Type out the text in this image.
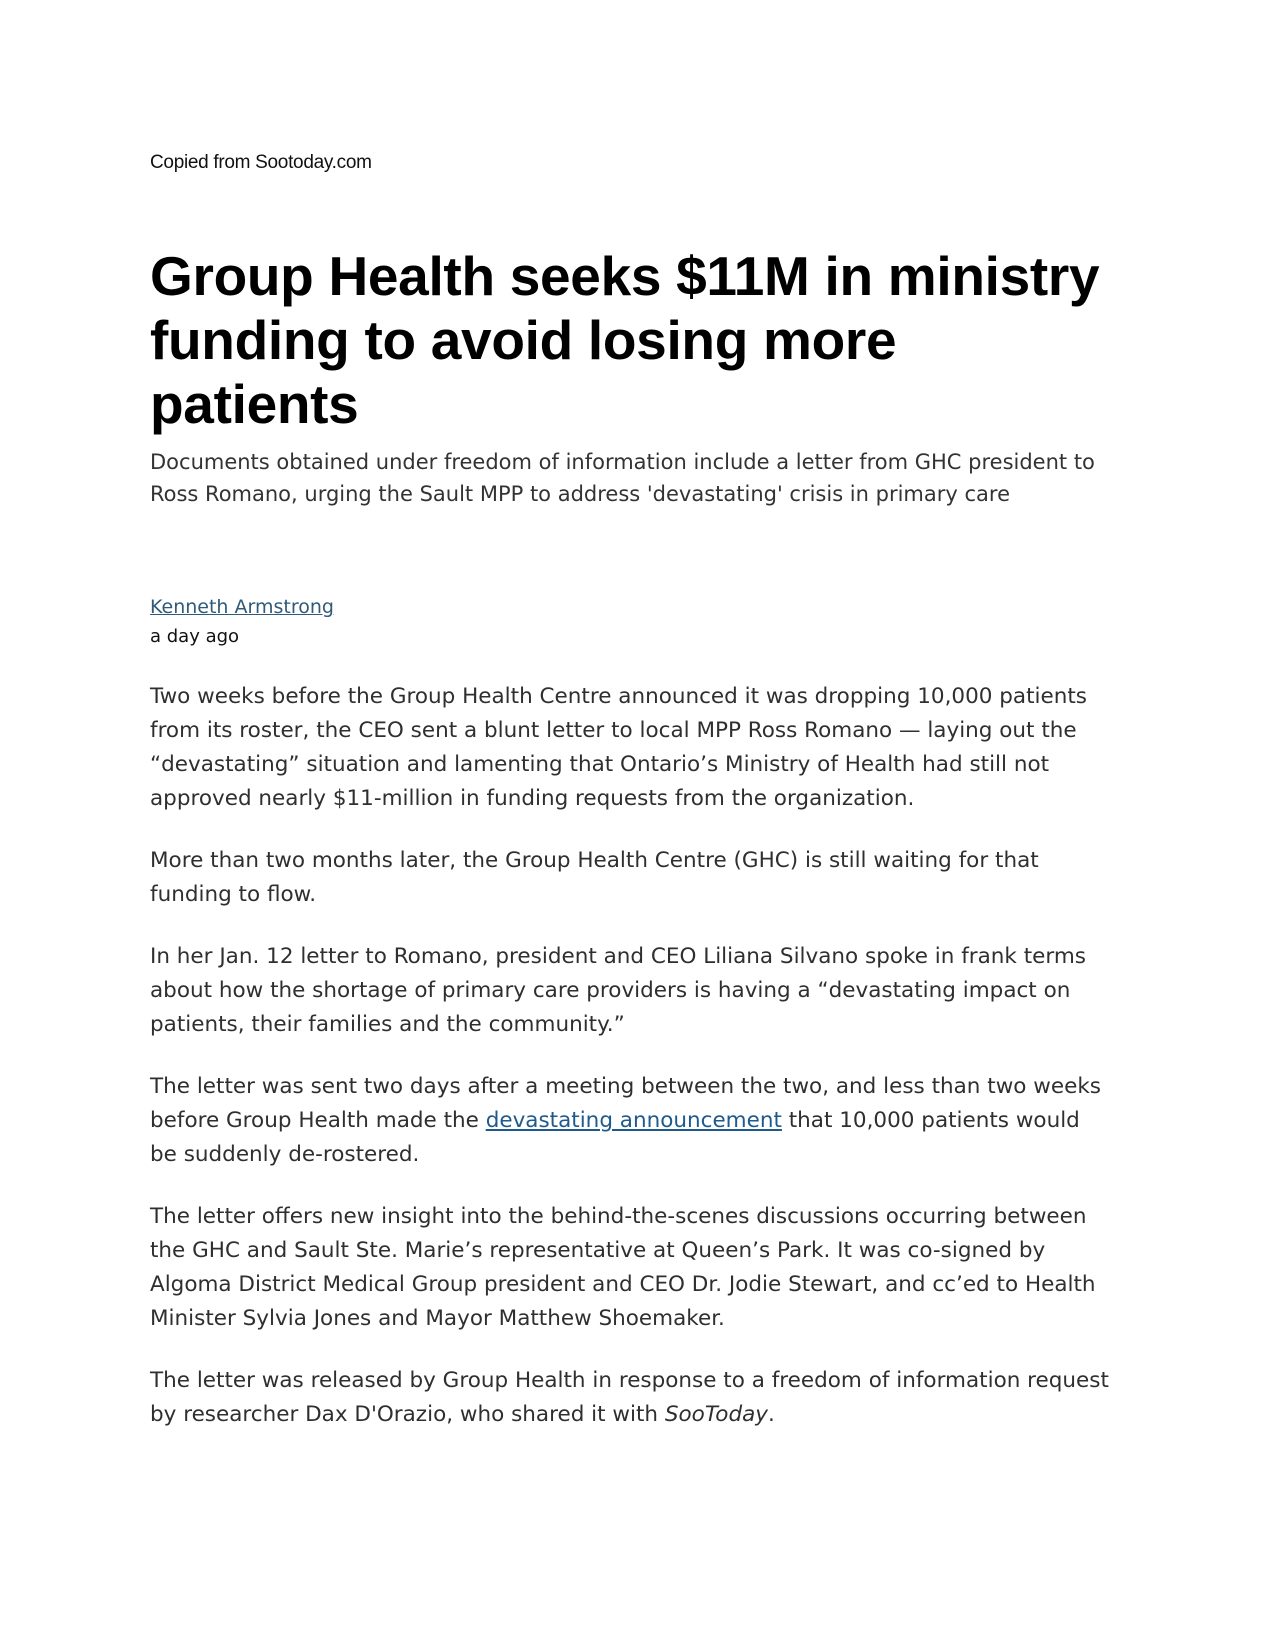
Copied from Sootoday.com
Group Health seeks $11M in ministry funding to avoid losing more patients

Documents obtained under freedom of information include a letter from GHC president to Ross Romano, urging the Sault MPP to address 'devastating' crisis in primary care

Kenneth Armstrong
a day ago

Two weeks before the Group Health Centre announced it was dropping 10,000 patients from its roster, the CEO sent a blunt letter to local MPP Ross Romano — laying out the “devastating” situation and lamenting that Ontario’s Ministry of Health had still not approved nearly $11-million in funding requests from the organization.

More than two months later, the Group Health Centre (GHC) is still waiting for that funding to flow.

In her Jan. 12 letter to Romano, president and CEO Liliana Silvano spoke in frank terms about how the shortage of primary care providers is having a “devastating impact on patients, their families and the community.”

The letter was sent two days after a meeting between the two, and less than two weeks before Group Health made the devastating announcement that 10,000 patients would be suddenly de-rostered.

The letter offers new insight into the behind-the-scenes discussions occurring between the GHC and Sault Ste. Marie’s representative at Queen’s Park. It was co-signed by Algoma District Medical Group president and CEO Dr. Jodie Stewart, and cc’ed to Health Minister Sylvia Jones and Mayor Matthew Shoemaker.

The letter was released by Group Health in response to a freedom of information request by researcher Dax D'Orazio, who shared it with SooToday.
